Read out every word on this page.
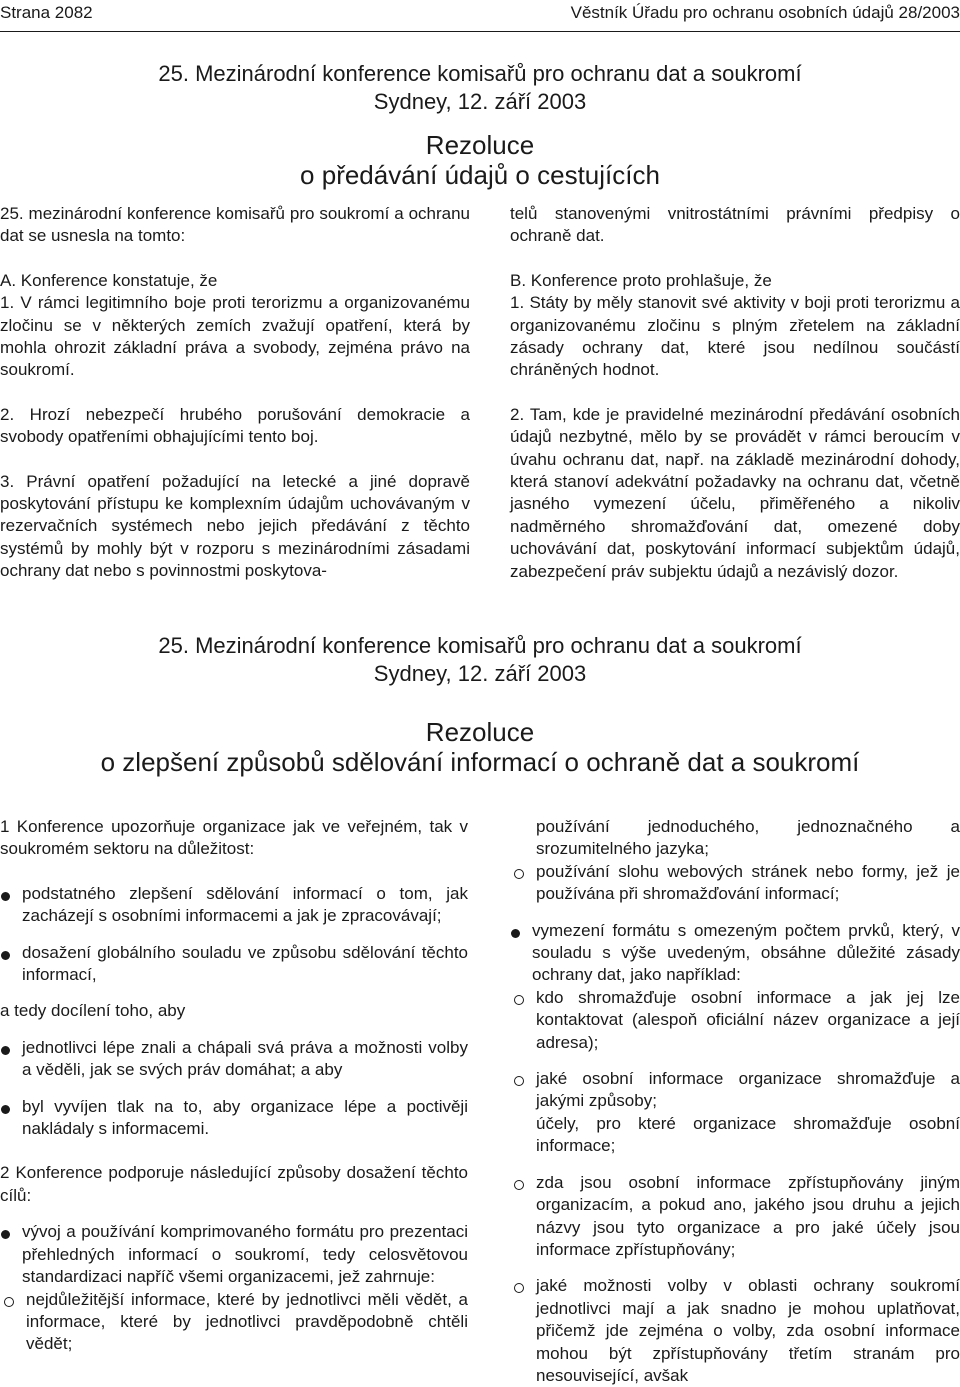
Strana 2082	Věstník Úřadu pro ochranu osobních údajů 28/2003
25. Mezinárodní konference komisařů pro ochranu dat a soukromí
Sydney, 12. září 2003
Rezoluce
o předávání údajů o cestujících

25. mezinárodní konference komisařů pro soukromí a ochranu dat se usnesla na tomto:

A. Konference konstatuje, že

1. V rámci legitimního boje proti terorizmu a organizovanému zločinu se v některých zemích zvažují opatření, která by mohla ohrozit základní práva a svobody, zejména právo na soukromí.

2. Hrozí nebezpečí hrubého porušování demokracie a svobody opatřeními obhajujícími tento boj.

3. Právní opatření požadující na letecké a jiné dopravě poskytování přístupu ke komplexním údajům uchovávaným v rezervačních systémech nebo jejich předávání z těchto systémů by mohly být v rozporu s mezinárodními zásadami ochrany dat nebo s povinnostmi poskytova-

telů stanovenými vnitrostátními právními předpisy o ochraně dat.

B. Konference proto prohlašuje, že

1. Státy by měly stanovit své aktivity v boji proti terorizmu a organizovanému zločinu s plným zřetelem na základní zásady ochrany dat, které jsou nedílnou součástí chráněných hodnot.

2. Tam, kde je pravidelné mezinárodní předávání osobních údajů nezbytné, mělo by se provádět v rámci beroucím v úvahu ochranu dat, např. na základě mezinárodní dohody, která stanoví adekvátní požadavky na ochranu dat, včetně jasného vymezení účelu, přiměřeného a nikoliv nadměrného shromažďování dat, omezené doby uchovávání dat, poskytování informací subjektům údajů, zabezpečení práv subjektu údajů a nezávislý dozor.

25. Mezinárodní konference komisařů pro ochranu dat a soukromí
Sydney, 12. září 2003
Rezoluce
o zlepšení způsobů sdělování informací o ochraně dat a soukromí

1 Konference upozorňuje organizace jak ve veřejném, tak v soukromém sektoru na důležitost:

podstatného zlepšení sdělování informací o tom, jak zacházejí s osobními informacemi a jak je zpracovávají;

dosažení globálního souladu ve způsobu sdělování těchto informací,

a tedy docílení toho, aby

jednotlivci lépe znali a chápali svá práva a možnosti volby a věděli, jak se svých práv domáhat; a aby

byl vyvíjen tlak na to, aby organizace lépe a poctivěji nakládaly s informacemi.

2 Konference podporuje následující způsoby dosažení těchto cílů:

vývoj a používání komprimovaného formátu pro prezentaci přehledných informací o soukromí, tedy celosvětovou standardizaci napříč všemi organizacemi, jež zahrnuje:

nejdůležitější informace, které by jednotlivci měli vědět, a informace, které by jednotlivci pravděpodobně chtěli vědět;

používání jednoduchého, jednoznačného a srozumitelného jazyka;

používání slohu webových stránek nebo formy, jež je používána při shromažďování informací;

vymezení formátu s omezeným počtem prvků, který, v souladu s výše uvedeným, obsáhne důležité zásady ochrany dat, jako například:

kdo shromažďuje osobní informace a jak jej lze kontaktovat (alespoň oficiální název organizace a její adresa);

jaké osobní informace organizace shromažďuje a jakými způsoby;

účely, pro které organizace shromažďuje osobní informace;

zda jsou osobní informace zpřístupňovány jiným organizacím, a pokud ano, jakého jsou druhu a jejich názvy jsou tyto organizace a pro jaké účely jsou informace zpřístupňovány;

jaké možnosti volby v oblasti ochrany soukromí jednotlivci mají a jak snadno je mohou uplatňovat, přičemž jde zejména o volby, zda osobní informace mohou být zpřístupňovány třetím stranám pro nesouvisející, avšak
